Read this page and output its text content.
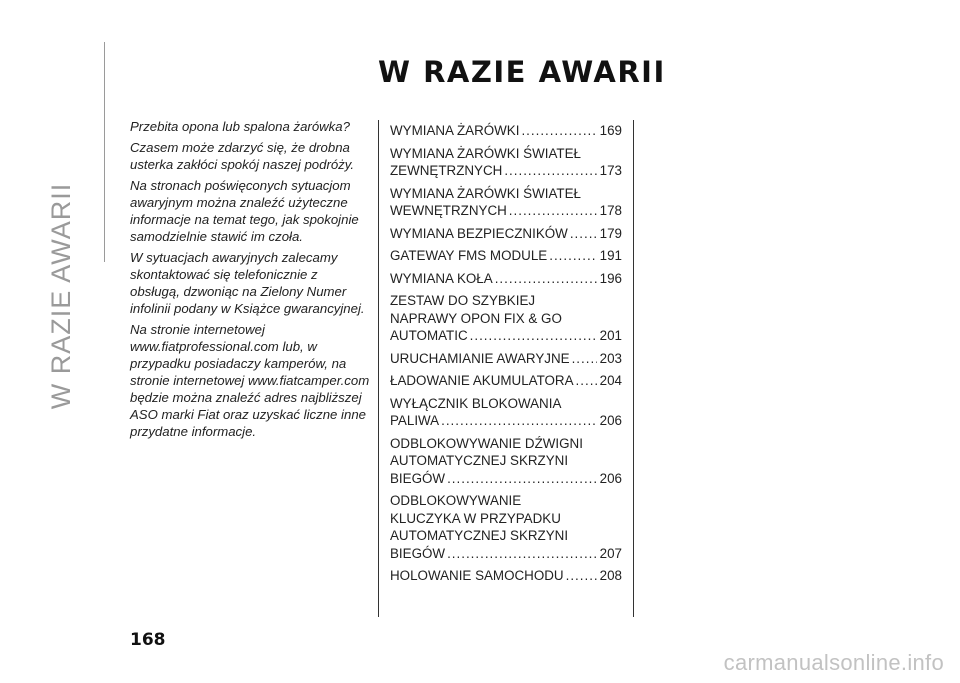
W RAZIE AWARII
W RAZIE AWARII

Przebita opona lub spalona żarówka?

Czasem może zdarzyć się, że drobna usterka zakłóci spokój naszej podróży.

Na stronach poświęconych sytuacjom awaryjnym można znaleźć użyteczne informacje na temat tego, jak spokojnie samodzielnie stawić im czoła.

W sytuacjach awaryjnych zalecamy skontaktować się telefonicznie z obsługą, dzwoniąc na Zielony Numer infolinii podany w Książce gwarancyjnej.

Na stronie internetowej www.fiatprofessional.com lub, w przypadku posiadaczy kamperów, na stronie internetowej www.fiatcamper.com będzie można znaleźć adres najbliższej ASO marki Fiat oraz uzyskać liczne inne przydatne informacje.

WYMIANA ŻARÓWKI .....	169
WYMIANA ŻARÓWKI ŚWIATEŁ
ZEWNĘTRZNYCH .....	173
WYMIANA ŻARÓWKI ŚWIATEŁ
WEWNĘTRZNYCH .....	178
WYMIANA BEZPIECZNIKÓW ..... 179
GATEWAY FMS MODULE .....	191
WYMIANA KOŁA .....	196
ZESTAW DO SZYBKIEJ
NAPRAWY OPON FIX & GO
AUTOMATIC .....	201
URUCHAMIANIE AWARYJNE ..... 203
ŁADOWANIE AKUMULATORA ..... 204
WYŁĄCZNIK BLOKOWANIA
PALIWA .....	206
ODBLOKOWYWANIE DŹWIGNI
AUTOMATYCZNEJ SKRZYNI
BIEGÓW .....	206
ODBLOKOWYWANIE
KLUCZYKA W PRZYPADKU
AUTOMATYCZNEJ SKRZYNI
BIEGÓW .....	207
HOLOWANIE SAMOCHODU .....	208
168
carmanualsonline.info
